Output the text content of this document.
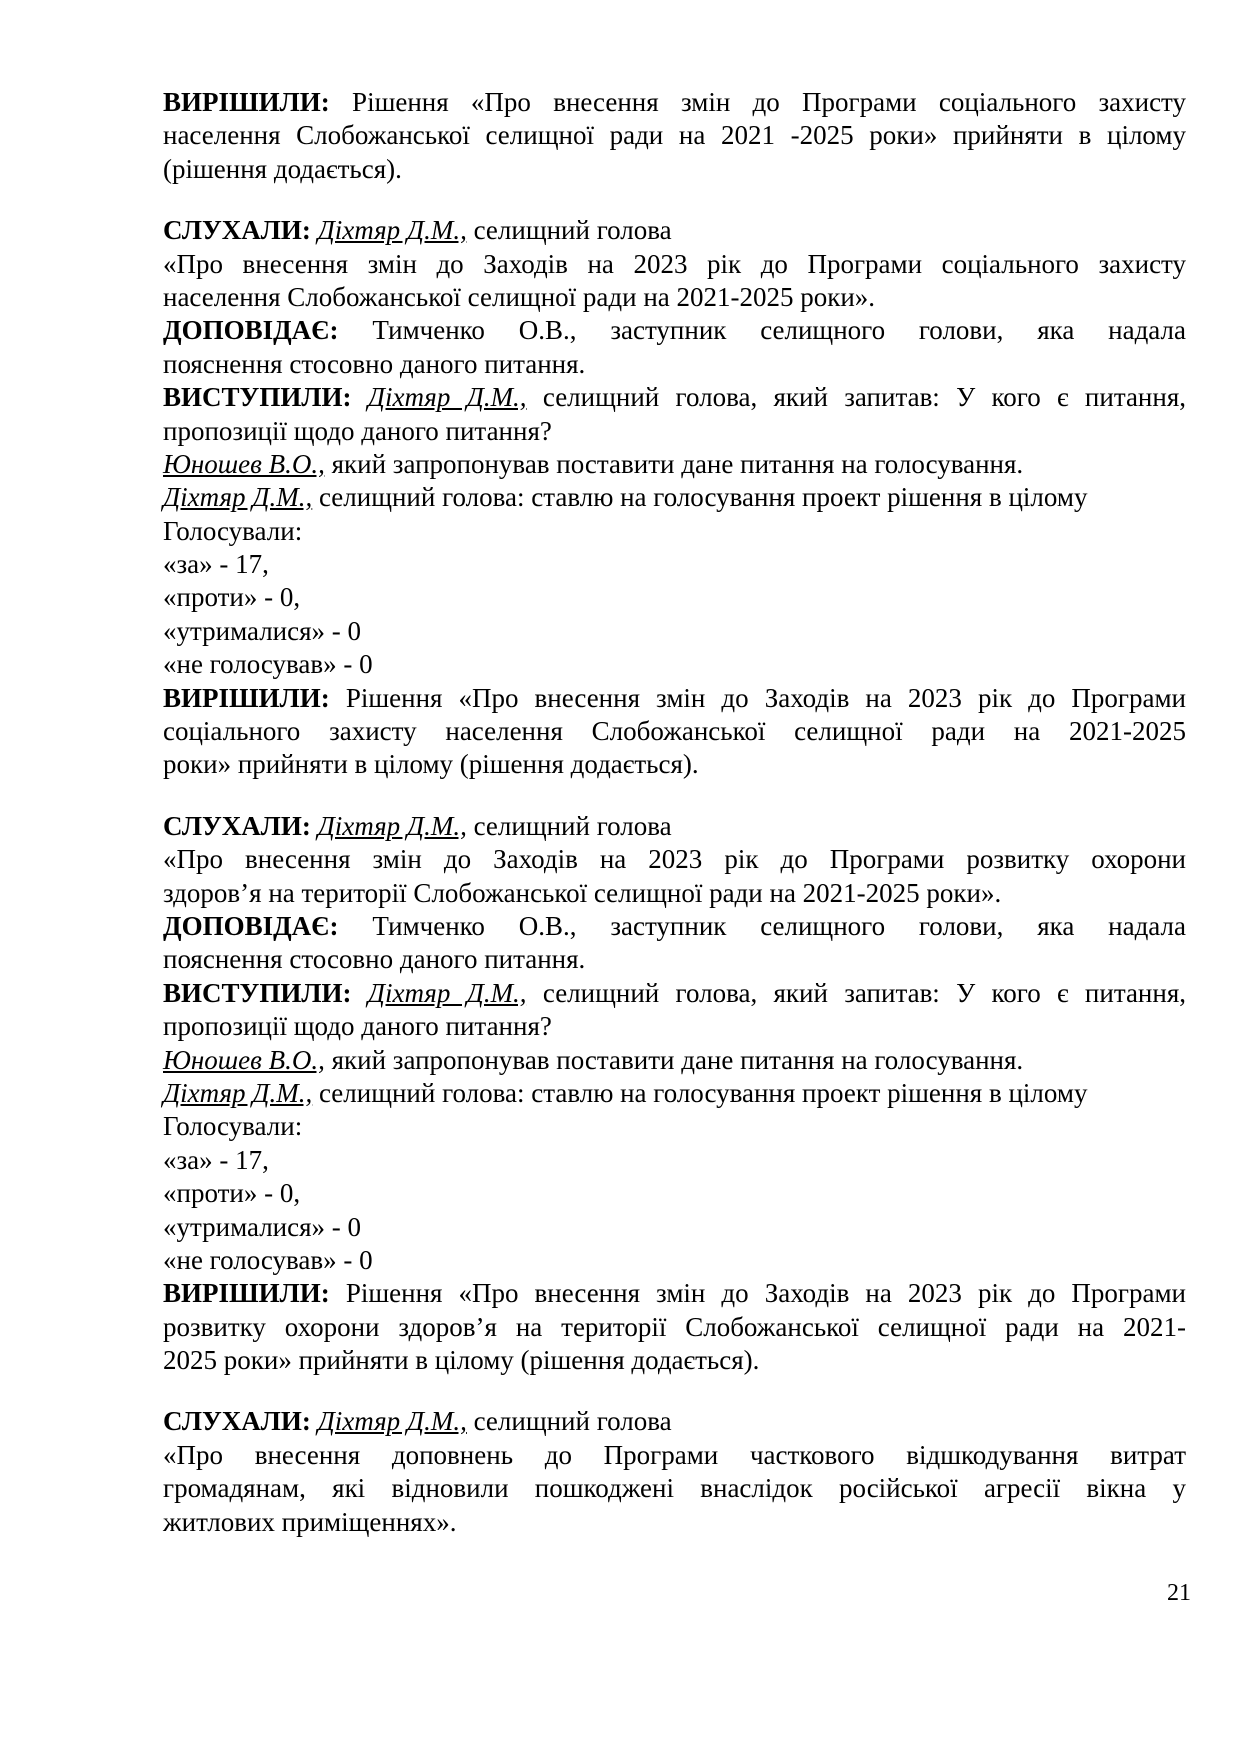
ВИРІШИЛИ: Рішення «Про внесення змін до Програми соціального захисту
населення Слобожанської селищної ради на 2021 -2025 роки» прийняти в цілому
(рішення додається).
СЛУХАЛИ: Діхтяр Д.М., селищний голова
«Про внесення змін до Заходів на 2023 рік до Програми соціального захисту
населення Слобожанської селищної ради на 2021-2025 роки».
ДОПОВІДАЄ: Тимченко О.В., заступник селищного голови, яка надала
пояснення стосовно даного питання.
ВИСТУПИЛИ: Діхтяр Д.М., селищний голова, який запитав: У кого є питання,
пропозиції щодо даного питання?
Юношев В.О., який запропонував поставити дане питання на голосування.
Діхтяр Д.М., селищний голова: ставлю на голосування проект рішення в цілому
Голосували:
«за» - 17,
«проти» - 0,
«утрималися» - 0
«не голосував» - 0
ВИРІШИЛИ: Рішення «Про внесення змін до Заходів на 2023 рік до Програми
соціального захисту населення Слобожанської селищної ради на 2021-2025
роки» прийняти в цілому (рішення додається).
СЛУХАЛИ: Діхтяр Д.М., селищний голова
«Про внесення змін до Заходів на 2023 рік до Програми розвитку охорони
здоров’я на території Слобожанської селищної ради на 2021-2025 роки».
ДОПОВІДАЄ: Тимченко О.В., заступник селищного голови, яка надала
пояснення стосовно даного питання.
ВИСТУПИЛИ: Діхтяр Д.М., селищний голова, який запитав: У кого є питання,
пропозиції щодо даного питання?
Юношев В.О., який запропонував поставити дане питання на голосування.
Діхтяр Д.М., селищний голова: ставлю на голосування проект рішення в цілому
Голосували:
«за» - 17,
«проти» - 0,
«утрималися» - 0
«не голосував» - 0
ВИРІШИЛИ: Рішення «Про внесення змін до Заходів на 2023 рік до Програми
розвитку охорони здоров’я на території Слобожанської селищної ради на 2021-
2025 роки» прийняти в цілому (рішення додається).
СЛУХАЛИ: Діхтяр Д.М., селищний голова
«Про внесення доповнень до Програми часткового відшкодування витрат
громадянам, які відновили пошкоджені внаслідок російської агресії вікна у
житлових приміщеннях».
21
